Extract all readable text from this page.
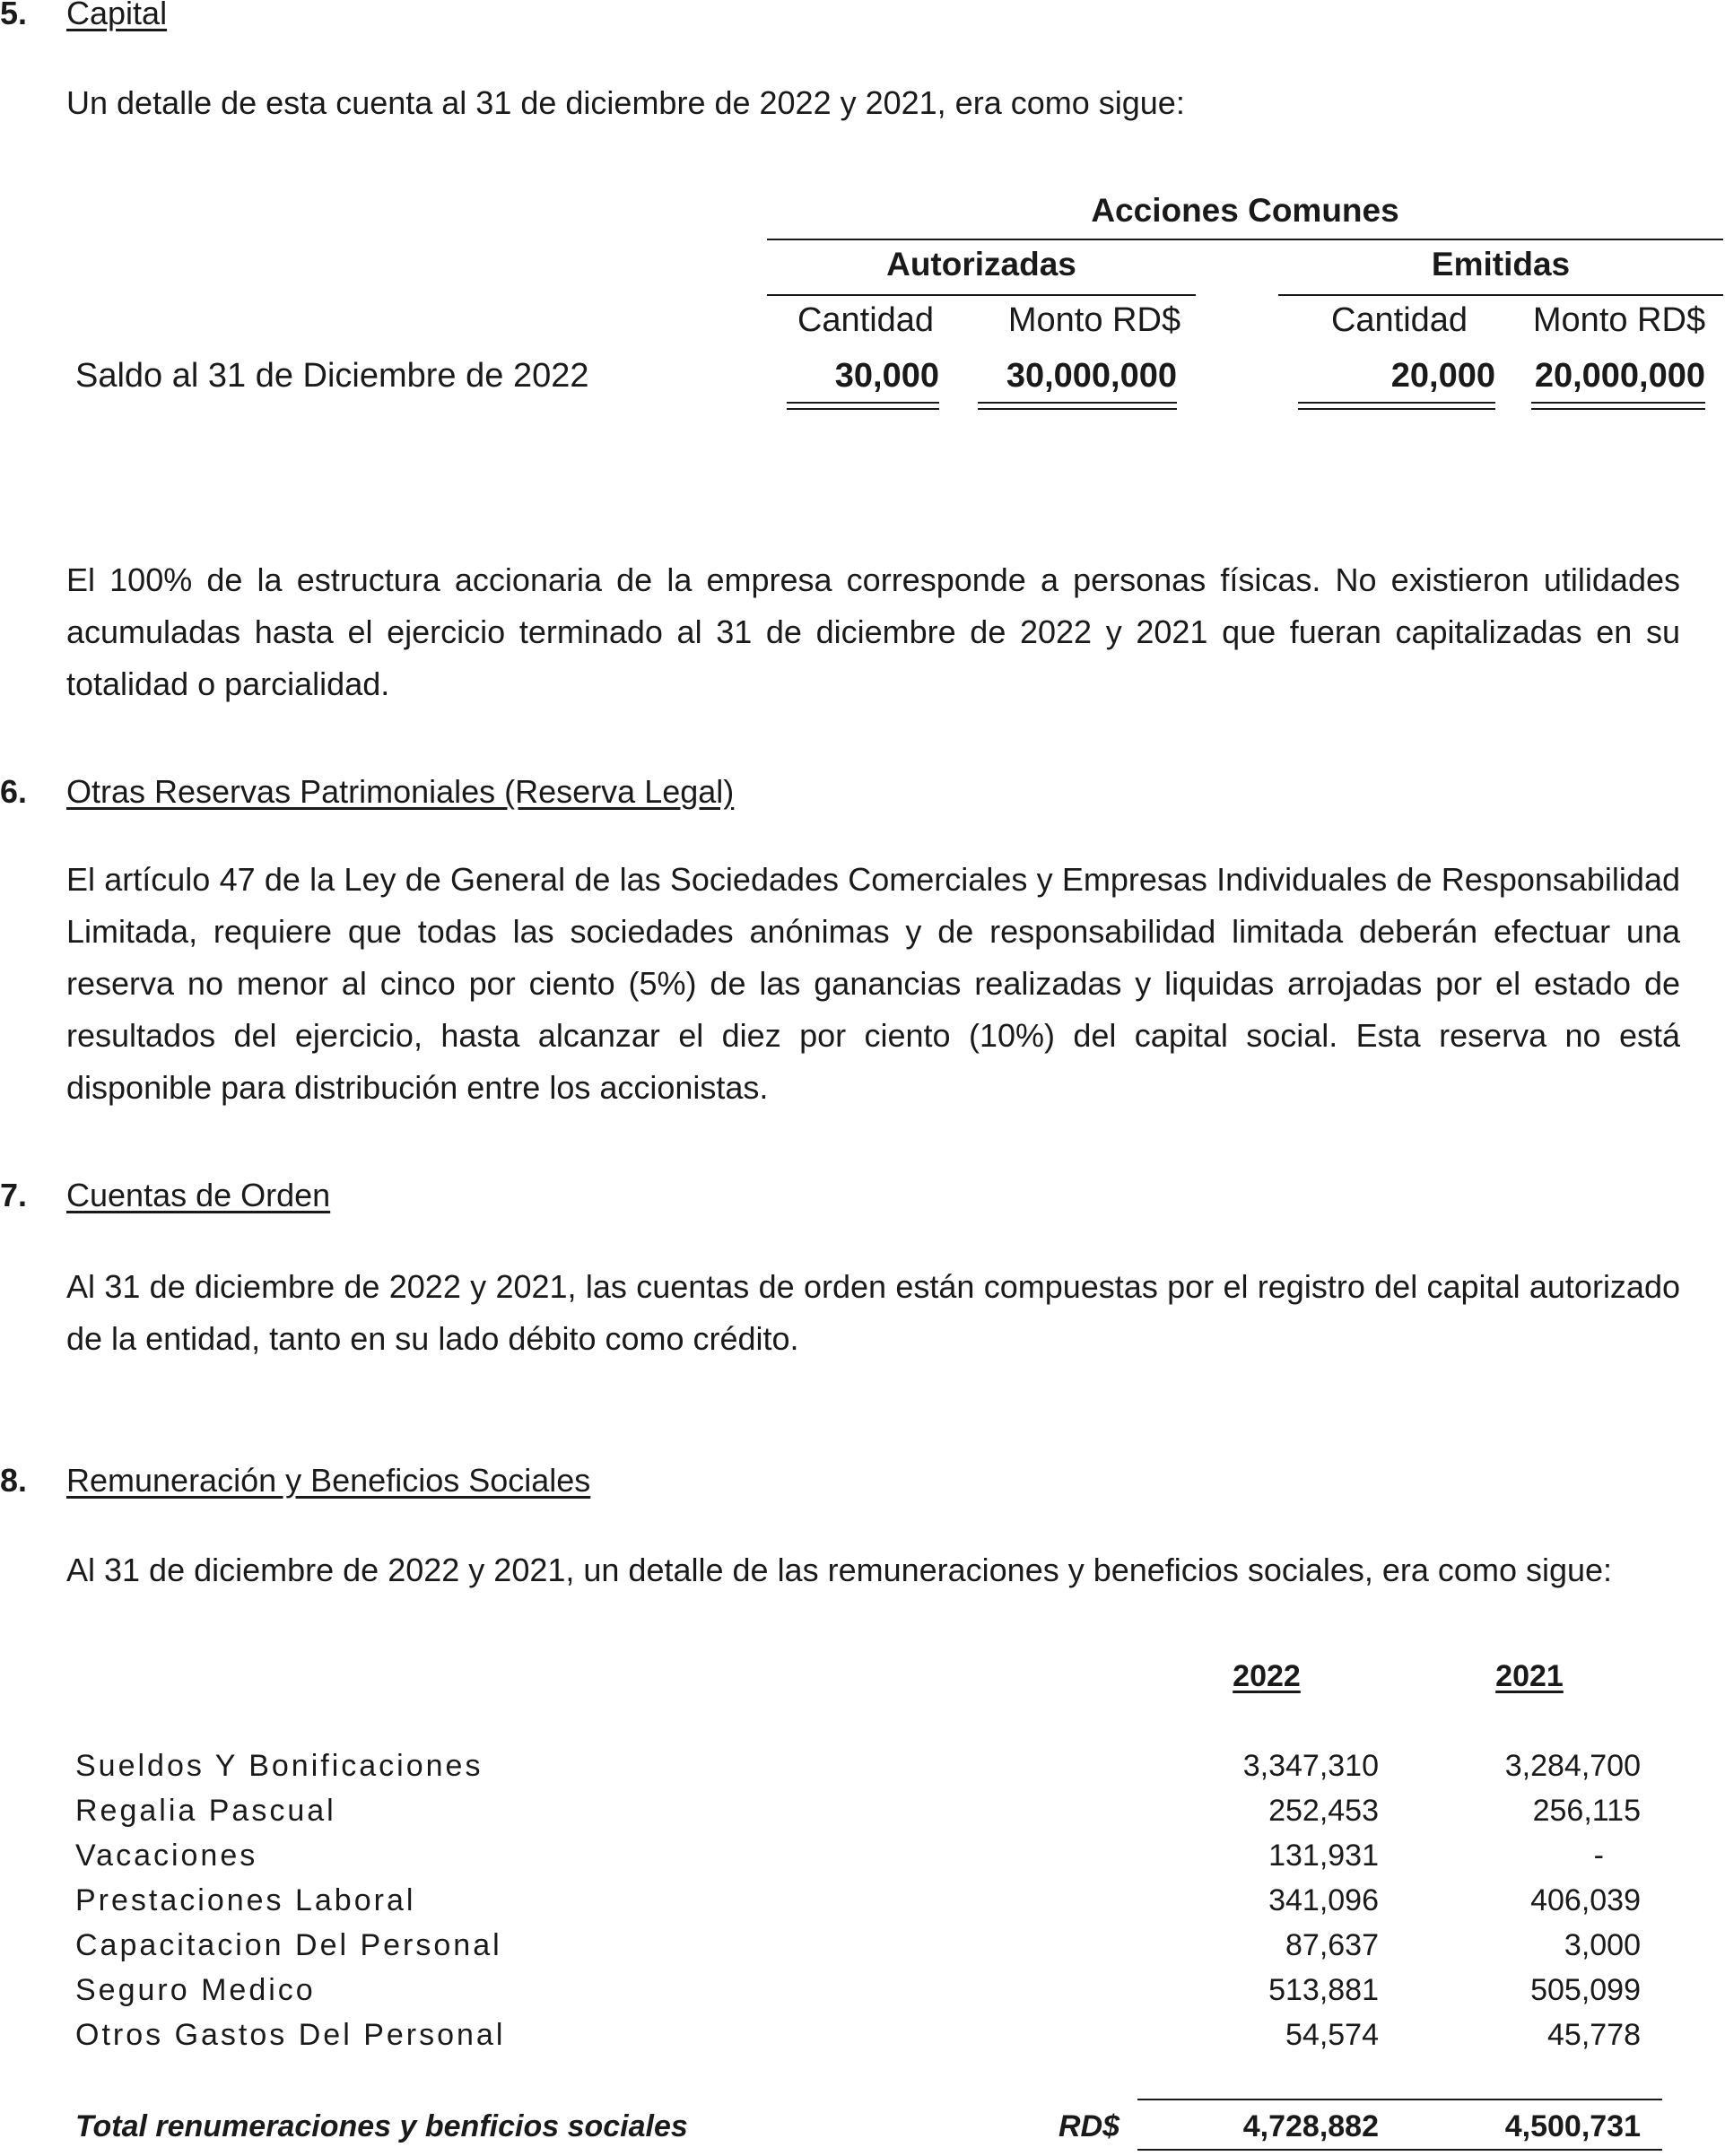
5. Capital

Un detalle de esta cuenta al 31 de diciembre de 2022 y 2021, era como sigue:

Acciones Comunes
Autorizadas	Emitidas
Cantidad	Monto RD$	Cantidad	Monto RD$
Saldo al 31 de Diciembre de 2022	30,000	30,000,000	20,000 20,000,000

El 100% de la estructura accionaria de la empresa corresponde a personas físicas. No existieron utilidades acumuladas hasta el ejercicio terminado al 31 de diciembre de 2022 y 2021 que fueran capitalizadas en su totalidad o parcialidad.

6. Otras Reservas Patrimoniales (Reserva Legal)

El artículo 47 de la Ley de General de las Sociedades Comerciales y Empresas Individuales de Responsabilidad Limitada, requiere que todas las sociedades anónimas y de responsabilidad limitada deberán efectuar una reserva no menor al cinco por ciento (5%) de las ganancias realizadas y liquidas arrojadas por el estado de resultados del ejercicio, hasta alcanzar el diez por ciento (10%) del capital social. Esta reserva no está disponible para distribución entre los accionistas.

7. Cuentas de Orden

Al 31 de diciembre de 2022 y 2021, las cuentas de orden están compuestas por el registro del capital autorizado de la entidad, tanto en su lado débito como crédito.

8. Remuneración y Beneficios Sociales

Al 31 de diciembre de 2022 y 2021, un detalle de las remuneraciones y beneficios sociales, era como sigue:

2022	2021
Sueldos Y Bonificaciones	3,347,310	3,284,700
Regalia Pascual	252,453	256,115
Vacaciones	131,931	-
Prestaciones Laboral	341,096	406,039
Capacitacion Del Personal	87,637	3,000
Seguro Medico	513,881	505,099
Otros Gastos Del Personal	54,574	45,778
Total renumeraciones y benficios sociales	RD$	4,728,882	4,500,731
